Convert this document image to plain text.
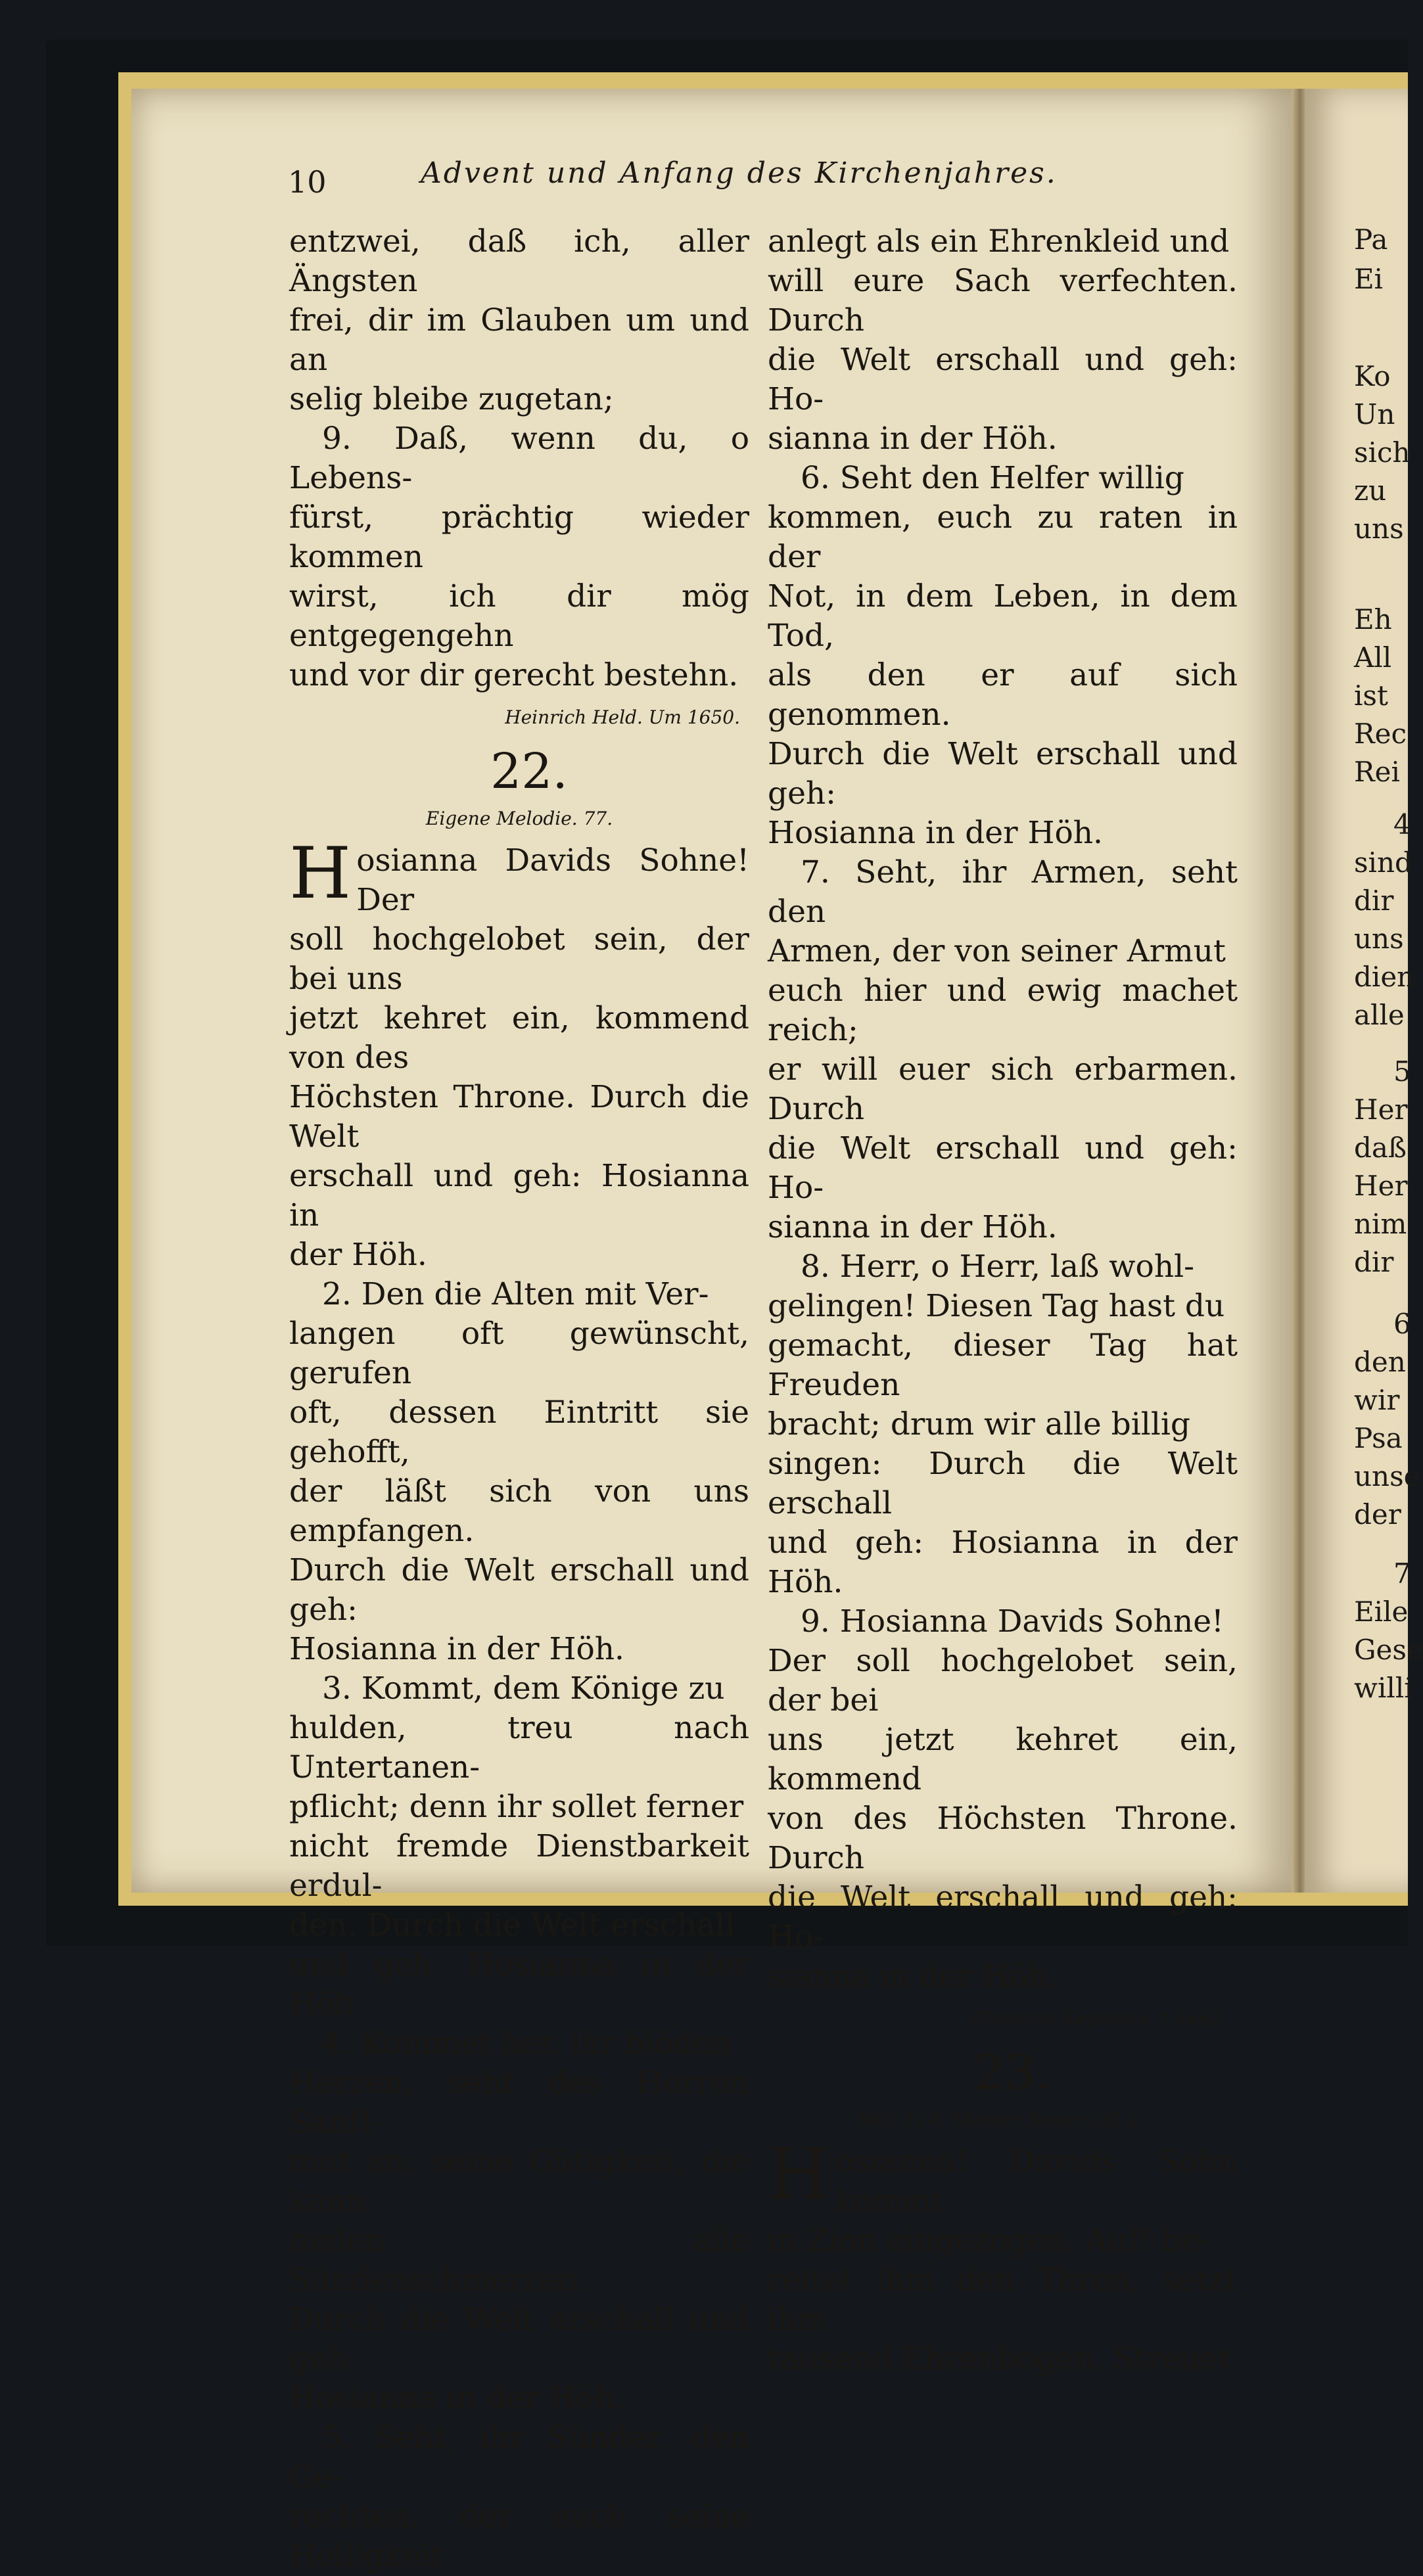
10	Advent und Anfang des Kirchenjahres.
entzwei, daß ich, aller Ängsten
frei, dir im Glauben um und an
selig bleibe zugetan;
9. Daß, wenn du, o Lebens-
fürst, prächtig wieder kommen
wirst, ich dir mög entgegengehn
und vor dir gerecht bestehn.
Heinrich Held. Um 1650.
22.
Eigene Melodie. 77.
H osianna Davids Sohne! Der
soll hochgelobet sein, der bei uns
jetzt kehret ein, kommend von des
Höchsten Throne. Durch die Welt
erschall und geh: Hosianna in
der Höh.
2. Den die Alten mit Ver-
langen oft gewünscht, gerufen
oft, dessen Eintritt sie gehofft,
der läßt sich von uns empfangen.
Durch die Welt erschall und geh:
Hosianna in der Höh.
3. Kommt, dem Könige zu
hulden, treu nach Untertanen-
pflicht; denn ihr sollet ferner
nicht fremde Dienstbarkeit erdul-
den. Durch die Welt erschall
und geh: Hosianna in der Höh.
4. Kommet her, ihr blöden
Herzen, seht des Herren Sanft-
mut an; seine Gütigkeit, die kann
heilen alle Sündenschmerzen.
Durch die Welt erschall und geh:
Hosianna in der Höh.
5. Seht, ihr Sünder, den Ge-
rechten, der euch seine Heiligkeit
anlegt als ein Ehrenkleid und
will eure Sach verfechten. Durch
die Welt erschall und geh: Ho-
sianna in der Höh.
6. Seht den Helfer willig
kommen, euch zu raten in der
Not, in dem Leben, in dem Tod,
als den er auf sich genommen.
Durch die Welt erschall und geh:
Hosianna in der Höh.
7. Seht, ihr Armen, seht den
Armen, der von seiner Armut
euch hier und ewig machet reich;
er will euer sich erbarmen. Durch
die Welt erschall und geh: Ho-
sianna in der Höh.
8. Herr, o Herr, laß wohl-
gelingen! Diesen Tag hast du
gemacht, dieser Tag hat Freuden
bracht; drum wir alle billig
singen: Durch die Welt erschall
und geh: Hosianna in der Höh.
9. Hosianna Davids Sohne!
Der soll hochgelobet sein, der bei
uns jetzt kehret ein, kommend
von des Höchsten Throne. Durch
die Welt erschall und geh: Ho-
sianna in der Höh.
Christian Keymann. † 1662.
23.
Mel. 114: Meinen Jesum laß ic.
H osianna! Davids Sohn kommt
in Zion eingezogen. Auf! be-
reitet ihm den Thron, setzt ihm
tausend Ehrenbogen. Streuet
Pa
Ei
Ko
Un
sich
zu
uns
Eh
All
ist
Rec
Rei
4
sind
dir
uns
dien
alle
5
Her
daß
Her
nim
dir
6
den
wir
Psa
unse
der
7
Eile
Gese
willi
